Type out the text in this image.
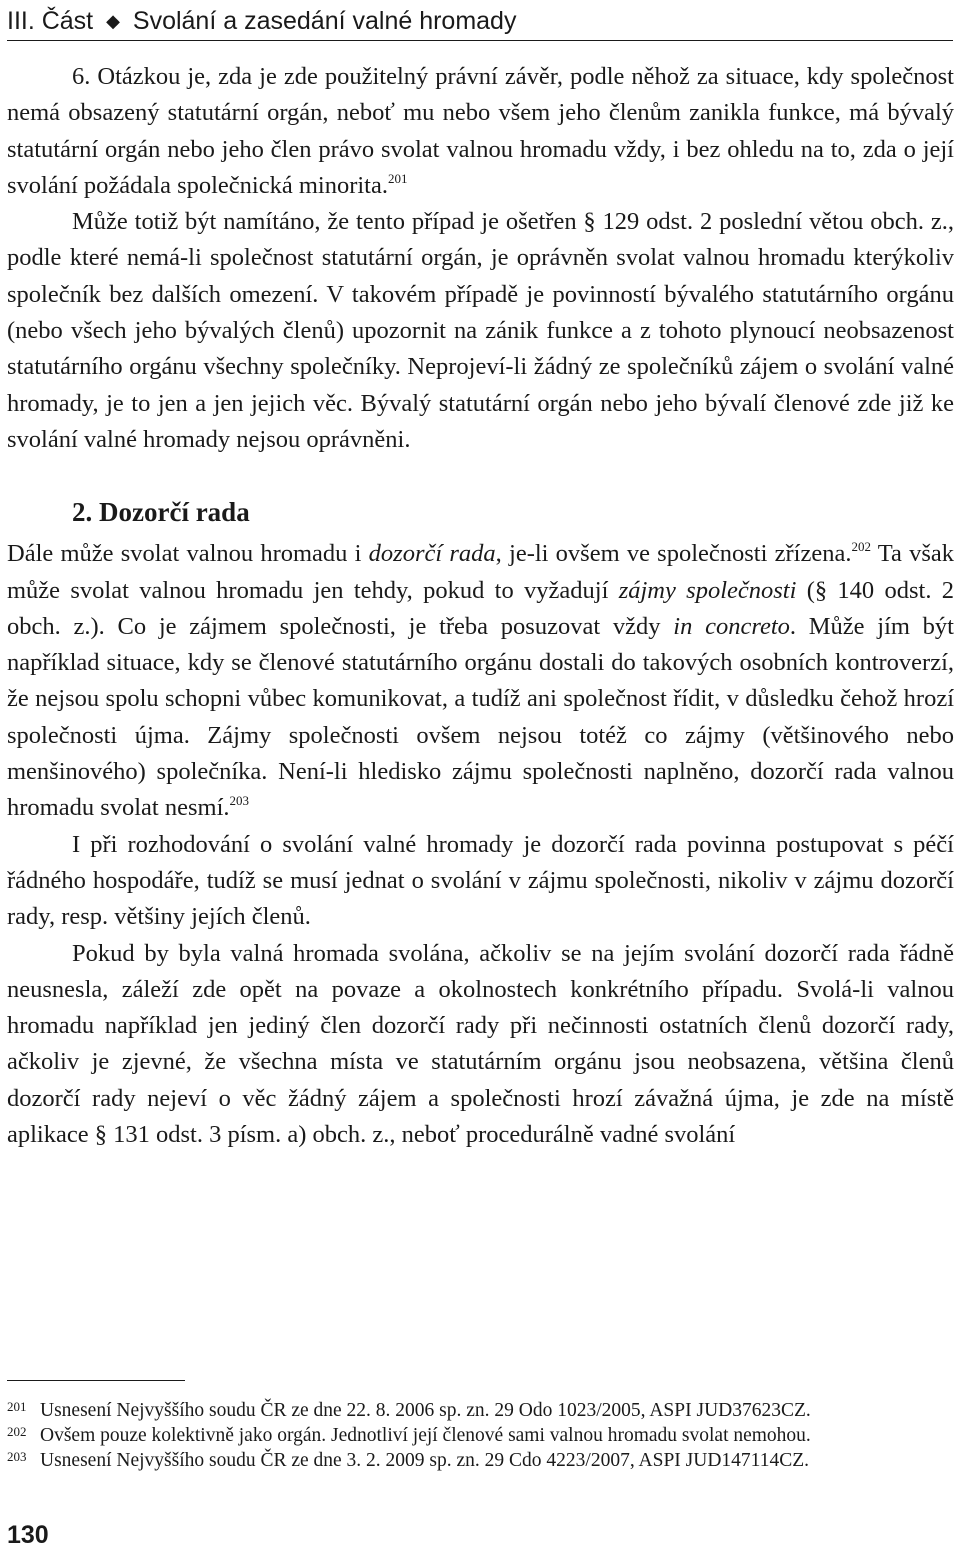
III. Část ◆ Svolání a zasedání valné hromady

6. Otázkou je, zda je zde použitelný právní závěr, podle něhož za situace, kdy společnost nemá obsazený statutární orgán, neboť mu nebo všem jeho členům zanikla funkce, má bývalý statutární orgán nebo jeho člen právo svolat valnou hromadu vždy, i bez ohledu na to, zda o její svolání požádala společnická minorita.$^{201}$

Může totiž být namítáno, že tento případ je ošetřen § 129 odst. 2 poslední větou obch. z., podle které nemá-li společnost statutární orgán, je oprávněn svolat valnou hromadu kterýkoliv společník bez dalších omezení. V takovém případě je povinností bývalého statutárního orgánu (nebo všech jeho bývalých členů) upozornit na zánik funkce a z tohoto plynoucí neobsazenost statutárního orgánu všechny společníky. Neprojeví-li žádný ze společníků zájem o svolání valné hromady, je to jen a jen jejich věc. Bývalý statutární orgán nebo jeho bývalí členové zde již ke svolání valné hromady nejsou oprávněni.

2. Dozorčí rada

Dále může svolat valnou hromadu i dozorčí rada, je-li ovšem ve společnosti zřízena.$^{202}$ Ta však může svolat valnou hromadu jen tehdy, pokud to vyžadují zájmy společnosti (§ 140 odst. 2 obch. z.). Co je zájmem společnosti, je třeba posuzovat vždy in concreto. Může jím být například situace, kdy se členové statutárního orgánu dostali do takových osobních kontroverzí, že nejsou spolu schopni vůbec komunikovat, a tudíž ani společnost řídit, v důsledku čehož hrozí společnosti újma. Zájmy společnosti ovšem nejsou totéž co zájmy (většinového nebo menšinového) společníka. Není-li hledisko zájmu společnosti naplněno, dozorčí rada valnou hromadu svolat nesmí.$^{203}$

I při rozhodování o svolání valné hromady je dozorčí rada povinna postupovat s péčí řádného hospodáře, tudíž se musí jednat o svolání v zájmu společnosti, nikoliv v zájmu dozorčí rady, resp. většiny jejích členů.

Pokud by byla valná hromada svolána, ačkoliv se na jejím svolání dozorčí rada řádně neusnesla, záleží zde opět na povaze a okolnostech konkrétního případu. Svolá-li valnou hromadu například jen jediný člen dozorčí rady při nečinnosti ostatních členů dozorčí rady, ačkoliv je zjevné, že všechna místa ve statutárním orgánu jsou neobsazena, většina členů dozorčí rady nejeví o věc žádný zájem a společnosti hrozí závažná újma, je zde na místě aplikace § 131 odst. 3 písm. a) obch. z., neboť procedurálně vadné svolání

201 Usnesení Nejvyššího soudu ČR ze dne 22. 8. 2006 sp. zn. 29 Odo 1023/2005, ASPI JUD37623CZ.
202 Ovšem pouze kolektivně jako orgán. Jednotliví její členové sami valnou hromadu svolat nemohou.
203 Usnesení Nejvyššího soudu ČR ze dne 3. 2. 2009 sp. zn. 29 Cdo 4223/2007, ASPI JUD147114CZ.
130
